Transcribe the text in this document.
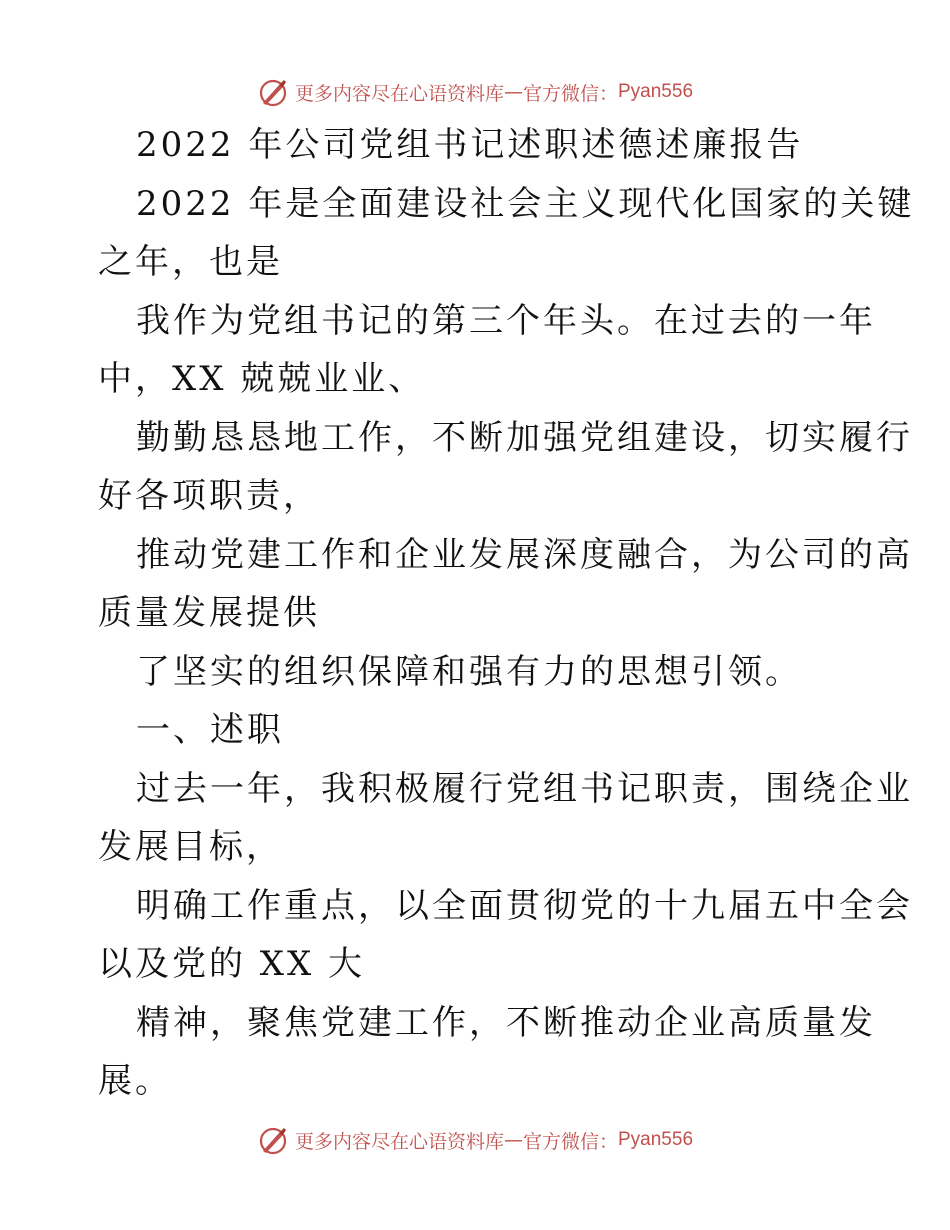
更多内容尽在心语资料库 — 官方微信： Pyan556
2022 年公司党组书记述职述德述廉报告
2022 年是全面建设社会主义现代化国家的关键
之年，也是
我作为党组书记的第三个年头。在过去的一年
中，XX 兢兢业业、
勤勤恳恳地工作，不断加强党组建设，切实履行
好各项职责，
推动党建工作和企业发展深度融合，为公司的高
质量发展提供
了坚实的组织保障和强有力的思想引领。
一、述职
过去一年，我积极履行党组书记职责，围绕企业
发展目标，
明确工作重点，以全面贯彻党的十九届五中全会
以及党的 XX 大
精神，聚焦党建工作，不断推动企业高质量发
展。
更多内容尽在心语资料库 — 官方微信： Pyan556
